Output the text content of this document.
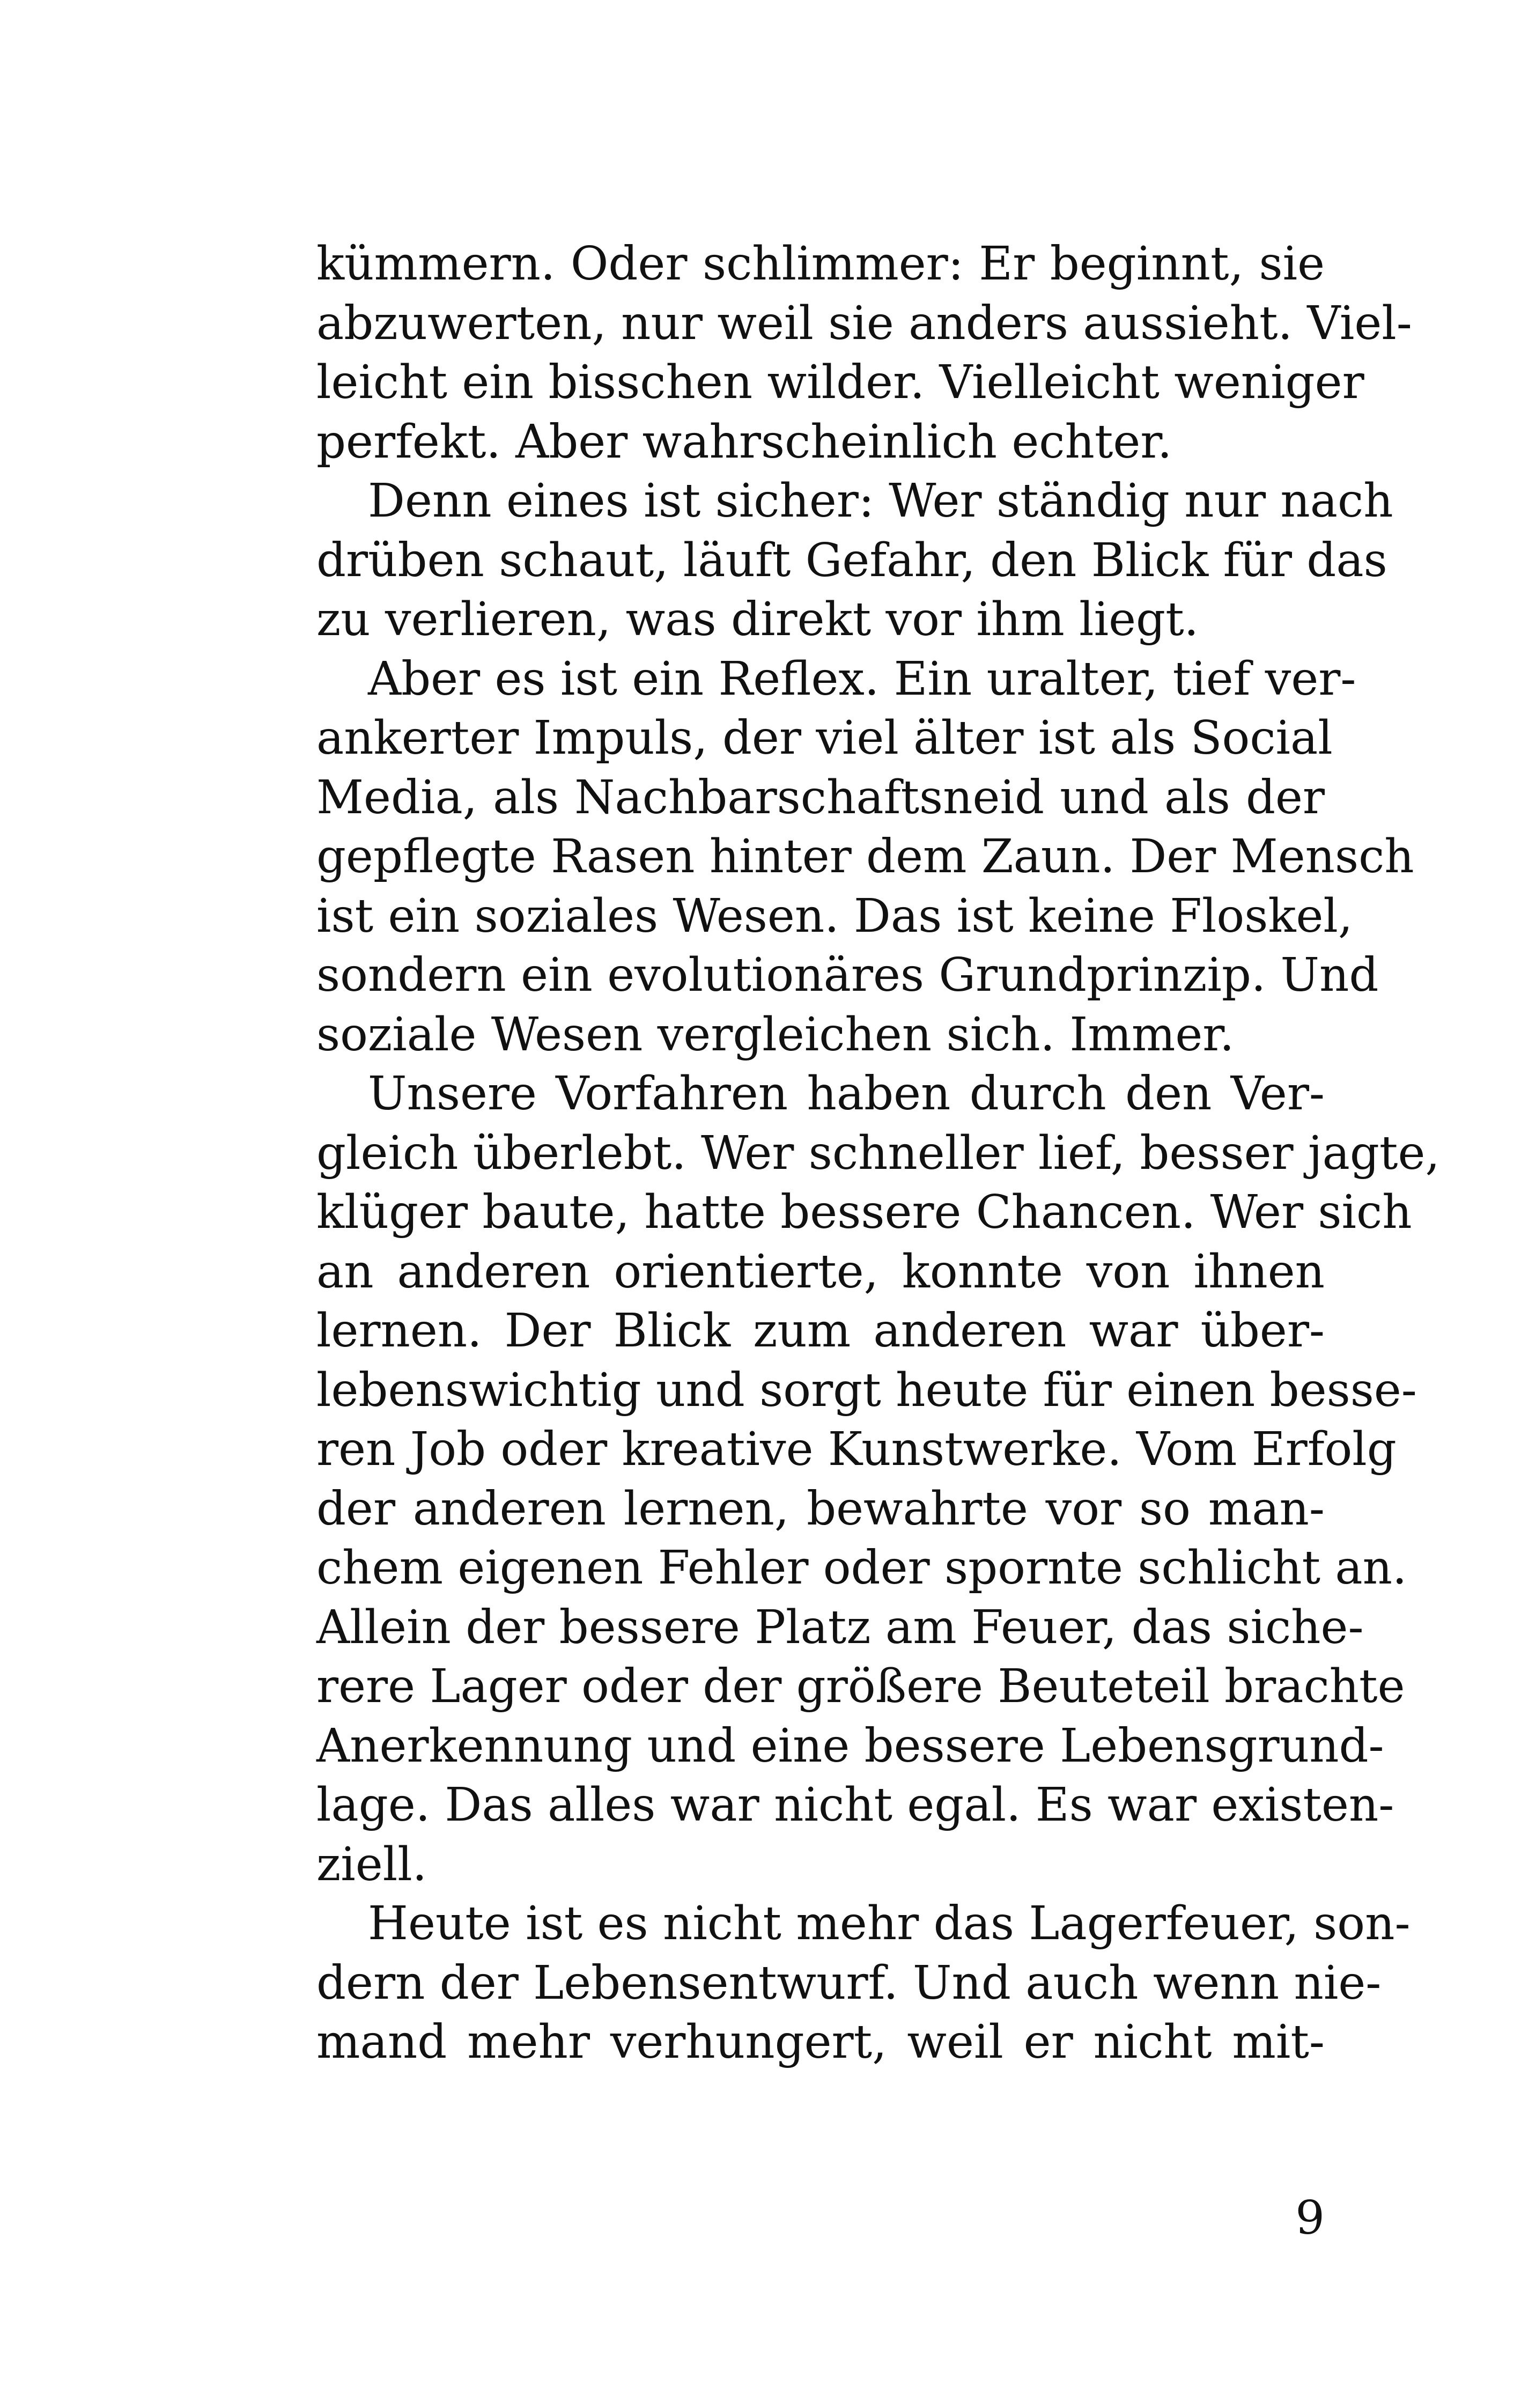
kümmern. Oder schlimmer: Er beginnt, sie
abzuwerten, nur weil sie anders aussieht. Viel-
leicht ein bisschen wilder. Vielleicht weniger
perfekt. Aber wahrscheinlich echter.
Denn eines ist sicher: Wer ständig nur nach
drüben schaut, läuft Gefahr, den Blick für das
zu verlieren, was direkt vor ihm liegt.
Aber es ist ein Reflex. Ein uralter, tief ver-
ankerter Impuls, der viel älter ist als Social
Media, als Nachbarschaftsneid und als der
gepflegte Rasen hinter dem Zaun. Der Mensch
ist ein soziales Wesen. Das ist keine Floskel,
sondern ein evolutionäres Grundprinzip. Und
soziale Wesen vergleichen sich. Immer.
Unsere Vorfahren haben durch den Ver-
gleich überlebt. Wer schneller lief, besser jagte,
klüger baute, hatte bessere Chancen. Wer sich
an anderen orientierte, konnte von ihnen
lernen. Der Blick zum anderen war über-
lebenswichtig und sorgt heute für einen besse-
ren Job oder kreative Kunstwerke. Vom Erfolg
der anderen lernen, bewahrte vor so man-
chem eigenen Fehler oder spornte schlicht an.
Allein der bessere Platz am Feuer, das siche-
rere Lager oder der größere Beuteteil brachte
Anerkennung und eine bessere Lebensgrund-
lage. Das alles war nicht egal. Es war existen-
ziell.
Heute ist es nicht mehr das Lagerfeuer, son-
dern der Lebensentwurf. Und auch wenn nie-
mand mehr verhungert, weil er nicht mit-
9
